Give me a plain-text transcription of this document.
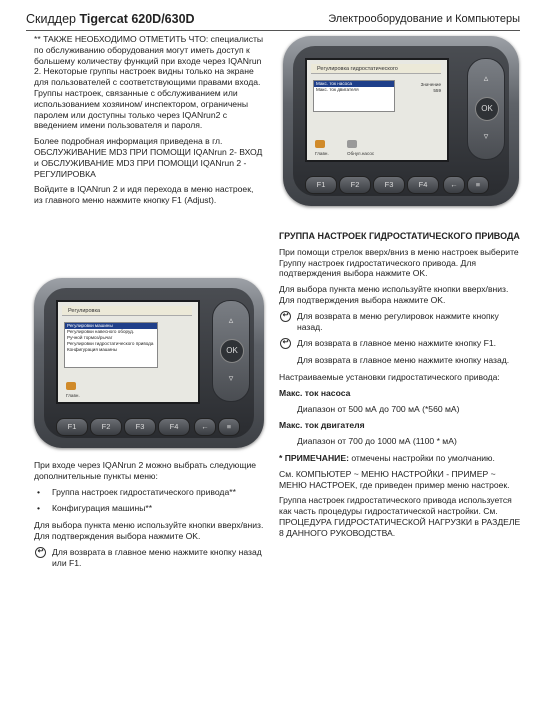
Скиддер Tigercat 620D/630D	Электрооборудование и Компьютеры

** ТАКЖЕ НЕОБХОДИМО ОТМЕТИТЬ ЧТО: специалисты по обслуживанию оборудования могут иметь доступ к большему количеству функций при входе через IQANrun 2. Некоторые группы настроек видны только на экране для пользователей с соответствующими правами входа. Группы настроек, связанные с обслуживанием или использованием хозяином/ инспектором, ограничены паролем или доступны только через IQANrun2 с введением имени пользователя и пароля.

Более подробная информация приведена в гл. ОБСЛУЖИВАНИЕ MD3 ПРИ ПОМОЩИ IQANrun 2- ВХОД и ОБСЛУЖИВАНИЕ MD3 ПРИ ПОМОЩИ IQANrun 2 - РЕГУЛИРОВКА

Войдите в IQANrun 2 и идя перехода в меню настроек, из главного меню нажмите кнопку F1 (Adjust).

Регулировка
Регулировки машины
Регулировки навесного оборуд.
Ручной тормоз/рычаг
Регулировки гидростатического привода
Конфигурация машины
Главн.
▵
OK
▿
F1	F2	F3	F4	←	≡

При входе через IQANrun 2 можно выбрать следующие дополнительные пункты меню:

• Группа настроек гидростатического привода**
• Конфигурация машины**

Для выбора пункта меню используйте кнопки вверх/вниз. Для подтверждения выбора нажмите OK.

↩ Для возврата в главное меню нажмите кнопку назад или F1.
Регулировка гидростатического
Макс. ток насоса
Макс. ток двигателя
Значение
559
Главн.	Обнул.насос
▵
OK
▿
F1	F2	F3	F4	←	≡

ГРУППА НАСТРОЕК ГИДРОСТАТИЧЕСКОГО ПРИВОДА

При помощи стрелок вверх/вниз в меню настроек выберите Группу настроек гидростатического привода. Для подтверждения выбора нажмите OK.

Для выбора пункта меню используйте кнопки вверх/вниз. Для подтверждения выбора нажмите OK.

↩ Для возврата в меню регулировок нажмите кнопку назад.
↩ Для возврата в главное меню нажмите кнопку F1.
Для возврата в главное меню нажмите кнопку назад.

Настраиваемые установки гидростатического привода:

Макс. ток насоса

Диапазон от 500 мА до 700 мА (*560 мА)

Макс. ток двигателя

Диапазон от 700 до 1000 мА (1100 * мА)

* ПРИМЕЧАНИЕ: отмечены настройки по умолчанию.

См. КОМПЬЮТЕР ~ МЕНЮ НАСТРОЙКИ - ПРИМЕР ~ МЕНЮ НАСТРОЕК, где приведен пример меню настроек.

Группа настроек гидростатического привода используется как часть процедуры гидростатической настройки. См. ПРОЦЕДУРА ГИДРОСТАТИЧЕСКОЙ НАГРУЗКИ в РАЗДЕЛЕ 8 ДАННОГО РУКОВОДСТВА.
